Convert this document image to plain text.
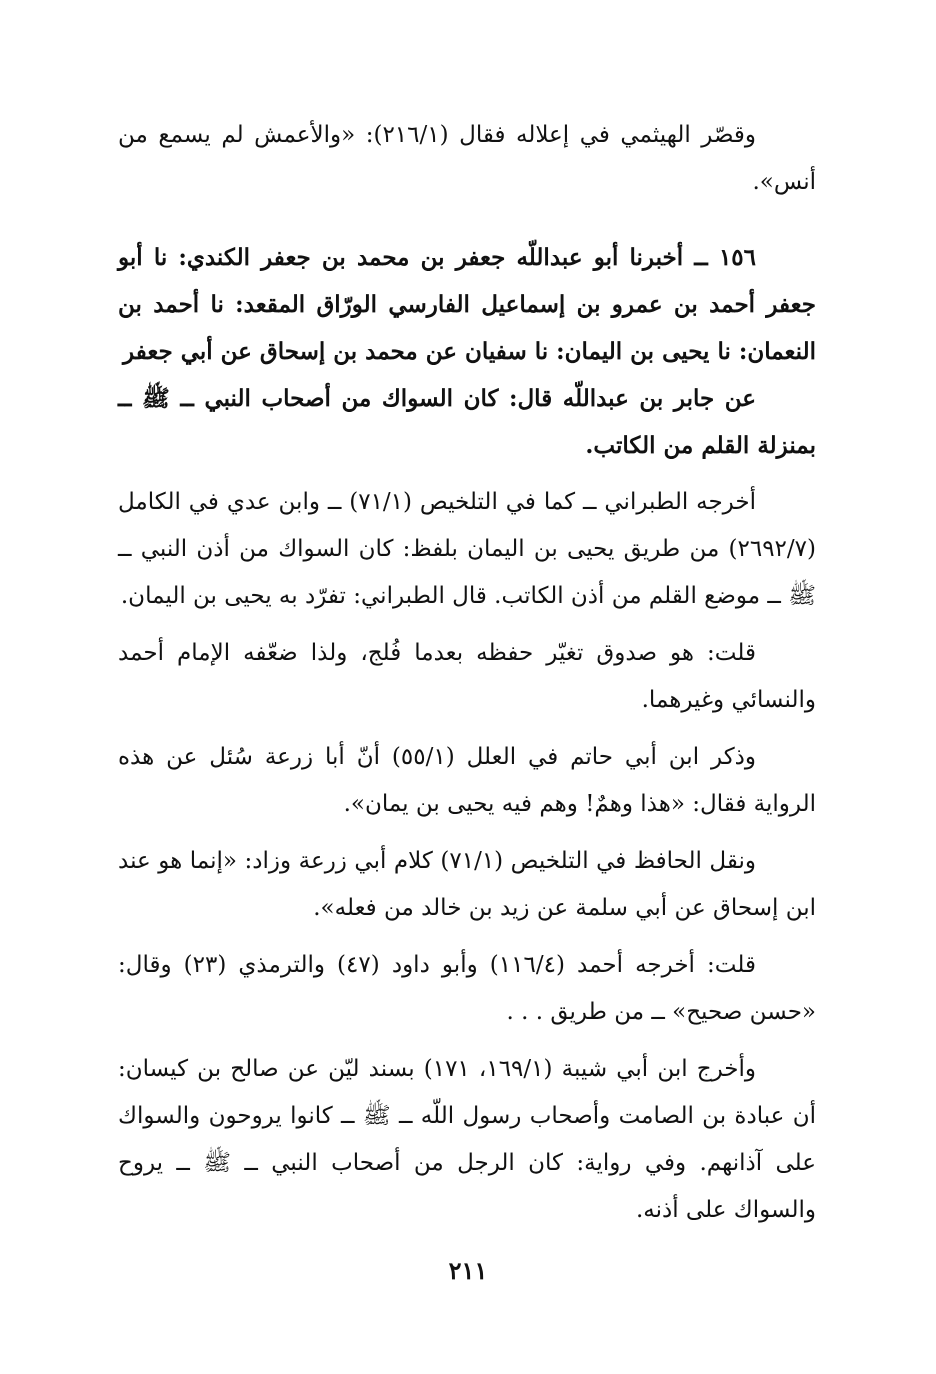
وقصّر الهيثمي في إعلاله فقال (٢١٦/١): «والأعمش لم يسمع من أنس».

١٥٦ ــ أخبرنا أبو عبداللّه جعفر بن محمد بن جعفر الكندي: نا أبو جعفر أحمد بن عمرو بن إسماعيل الفارسي الورّاق المقعد: نا أحمد بن النعمان: نا يحيى بن اليمان: نا سفيان عن محمد بن إسحاق عن أبي جعفر

عن جابر بن عبداللّه قال: كان السواك من أصحاب النبي ــ ﷺ ــ بمنزلة القلم من الكاتب.

أخرجه الطبراني ــ كما في التلخيص (٧١/١) ــ وابن عدي في الكامل (٢٦٩٢/٧) من طريق يحيى بن اليمان بلفظ: كان السواك من أذن النبي ــ ﷺ ــ موضع القلم من أذن الكاتب. قال الطبراني: تفرّد به يحيى بن اليمان.

قلت: هو صدوق تغيّر حفظه بعدما فُلج، ولذا ضعّفه الإمام أحمد والنسائي وغيرهما.

وذكر ابن أبي حاتم في العلل (٥٥/١) أنّ أبا زرعة سُئل عن هذه الرواية فقال: «هذا وهمٌ! وهم فيه يحيى بن يمان».

ونقل الحافظ في التلخيص (٧١/١) كلام أبي زرعة وزاد: «إنما هو عند ابن إسحاق عن أبي سلمة عن زيد بن خالد من فعله».

قلت: أخرجه أحمد (١١٦/٤) وأبو داود (٤٧) والترمذي (٢٣) وقال: «حسن صحيح» ــ من طريق . . .

وأخرج ابن أبي شيبة (١٦٩/١، ١٧١) بسند ليّن عن صالح بن كيسان: أن عبادة بن الصامت وأصحاب رسول اللّه ــ ﷺ ــ كانوا يروحون والسواك على آذانهم. وفي رواية: كان الرجل من أصحاب النبي ــ ﷺ ــ يروح والسواك على أذنه.

٢١١
